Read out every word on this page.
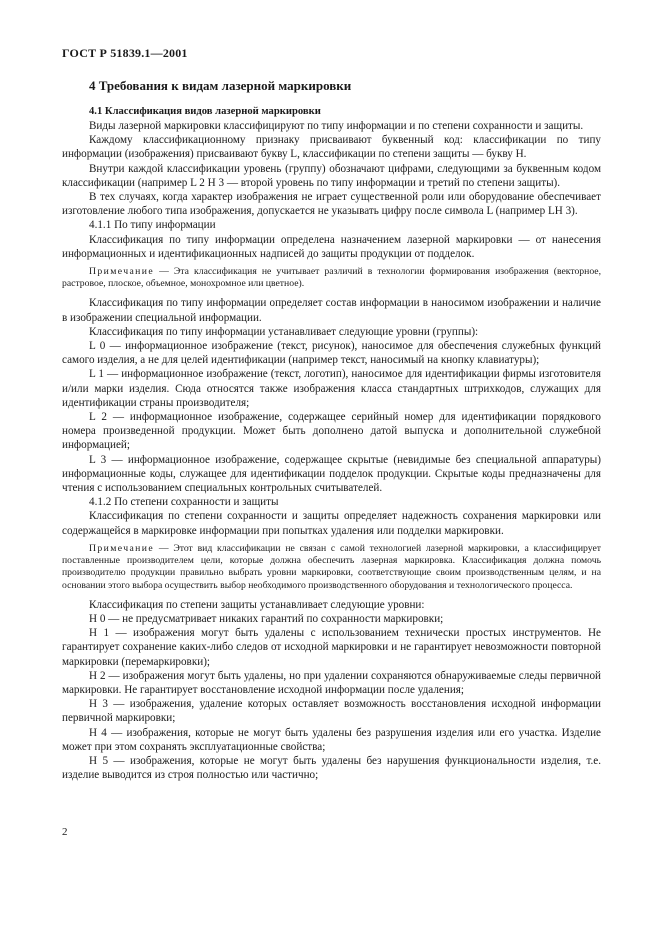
ГОСТ Р 51839.1—2001
4 Требования к видам лазерной маркировки
4.1 Классификация видов лазерной маркировки

Виды лазерной маркировки классифицируют по типу информации и по степени сохранности и защиты.

Каждому классификационному признаку присваивают буквенный код: классификации по типу информации (изображения) присваивают букву L, классификации по степени защиты — букву Н.

Внутри каждой классификации уровень (группу) обозначают цифрами, следующими за буквенным кодом классификации (например L 2 Н 3 — второй уровень по типу информации и третий по степени защиты).

В тех случаях, когда характер изображения не играет существенной роли или оборудование обеспечивает изготовление любого типа изображения, допускается не указывать цифру после символа L (например LH 3).

4.1.1 По типу информации

Классификация по типу информации определена назначением лазерной маркировки — от нанесения информационных и идентификационных надписей до защиты продукции от подделок.

Примечание — Эта классификация не учитывает различий в технологии формирования изображения (векторное, растровое, плоское, объемное, монохромное или цветное).

Классификация по типу информации определяет состав информации в наносимом изображении и наличие в изображении специальной информации.

Классификация по типу информации устанавливает следующие уровни (группы):

L 0 — информационное изображение (текст, рисунок), наносимое для обеспечения служебных функций самого изделия, а не для целей идентификации (например текст, наносимый на кнопку клавиатуры);

L 1 — информационное изображение (текст, логотип), наносимое для идентификации фирмы изготовителя и/или марки изделия. Сюда относятся также изображения класса стандартных штрихкодов, служащих для идентификации страны производителя;

L 2 — информационное изображение, содержащее серийный номер для идентификации порядкового номера произведенной продукции. Может быть дополнено датой выпуска и дополнительной служебной информацией;

L 3 — информационное изображение, содержащее скрытые (невидимые без специальной аппаратуры) информационные коды, служащее для идентификации подделок продукции. Скрытые коды предназначены для чтения с использованием специальных контрольных считывателей.

4.1.2 По степени сохранности и защиты

Классификация по степени сохранности и защиты определяет надежность сохранения маркировки или содержащейся в маркировке информации при попытках удаления или подделки маркировки.

Примечание — Этот вид классификации не связан с самой технологией лазерной маркировки, а классифицирует поставленные производителем цели, которые должна обеспечить лазерная маркировка. Классификация должна помочь производителю продукции правильно выбрать уровни маркировки, соответствующие своим производственным целям, и на основании этого выбора осуществить выбор необходимого производственного оборудования и технологического процесса.

Классификация по степени защиты устанавливает следующие уровни:

Н 0 — не предусматривает никаких гарантий по сохранности маркировки;

Н 1 — изображения могут быть удалены с использованием технически простых инструментов. Не гарантирует сохранение каких-либо следов от исходной маркировки и не гарантирует невозможности повторной маркировки (перемаркировки);

Н 2 — изображения могут быть удалены, но при удалении сохраняются обнаруживаемые следы первичной маркировки. Не гарантирует восстановление исходной информации после удаления;

Н 3 — изображения, удаление которых оставляет возможность восстановления исходной информации первичной маркировки;

Н 4 — изображения, которые не могут быть удалены без разрушения изделия или его участка. Изделие может при этом сохранять эксплуатационные свойства;

Н 5 — изображения, которые не могут быть удалены без нарушения функциональности изделия, т.е. изделие выводится из строя полностью или частично;

2
